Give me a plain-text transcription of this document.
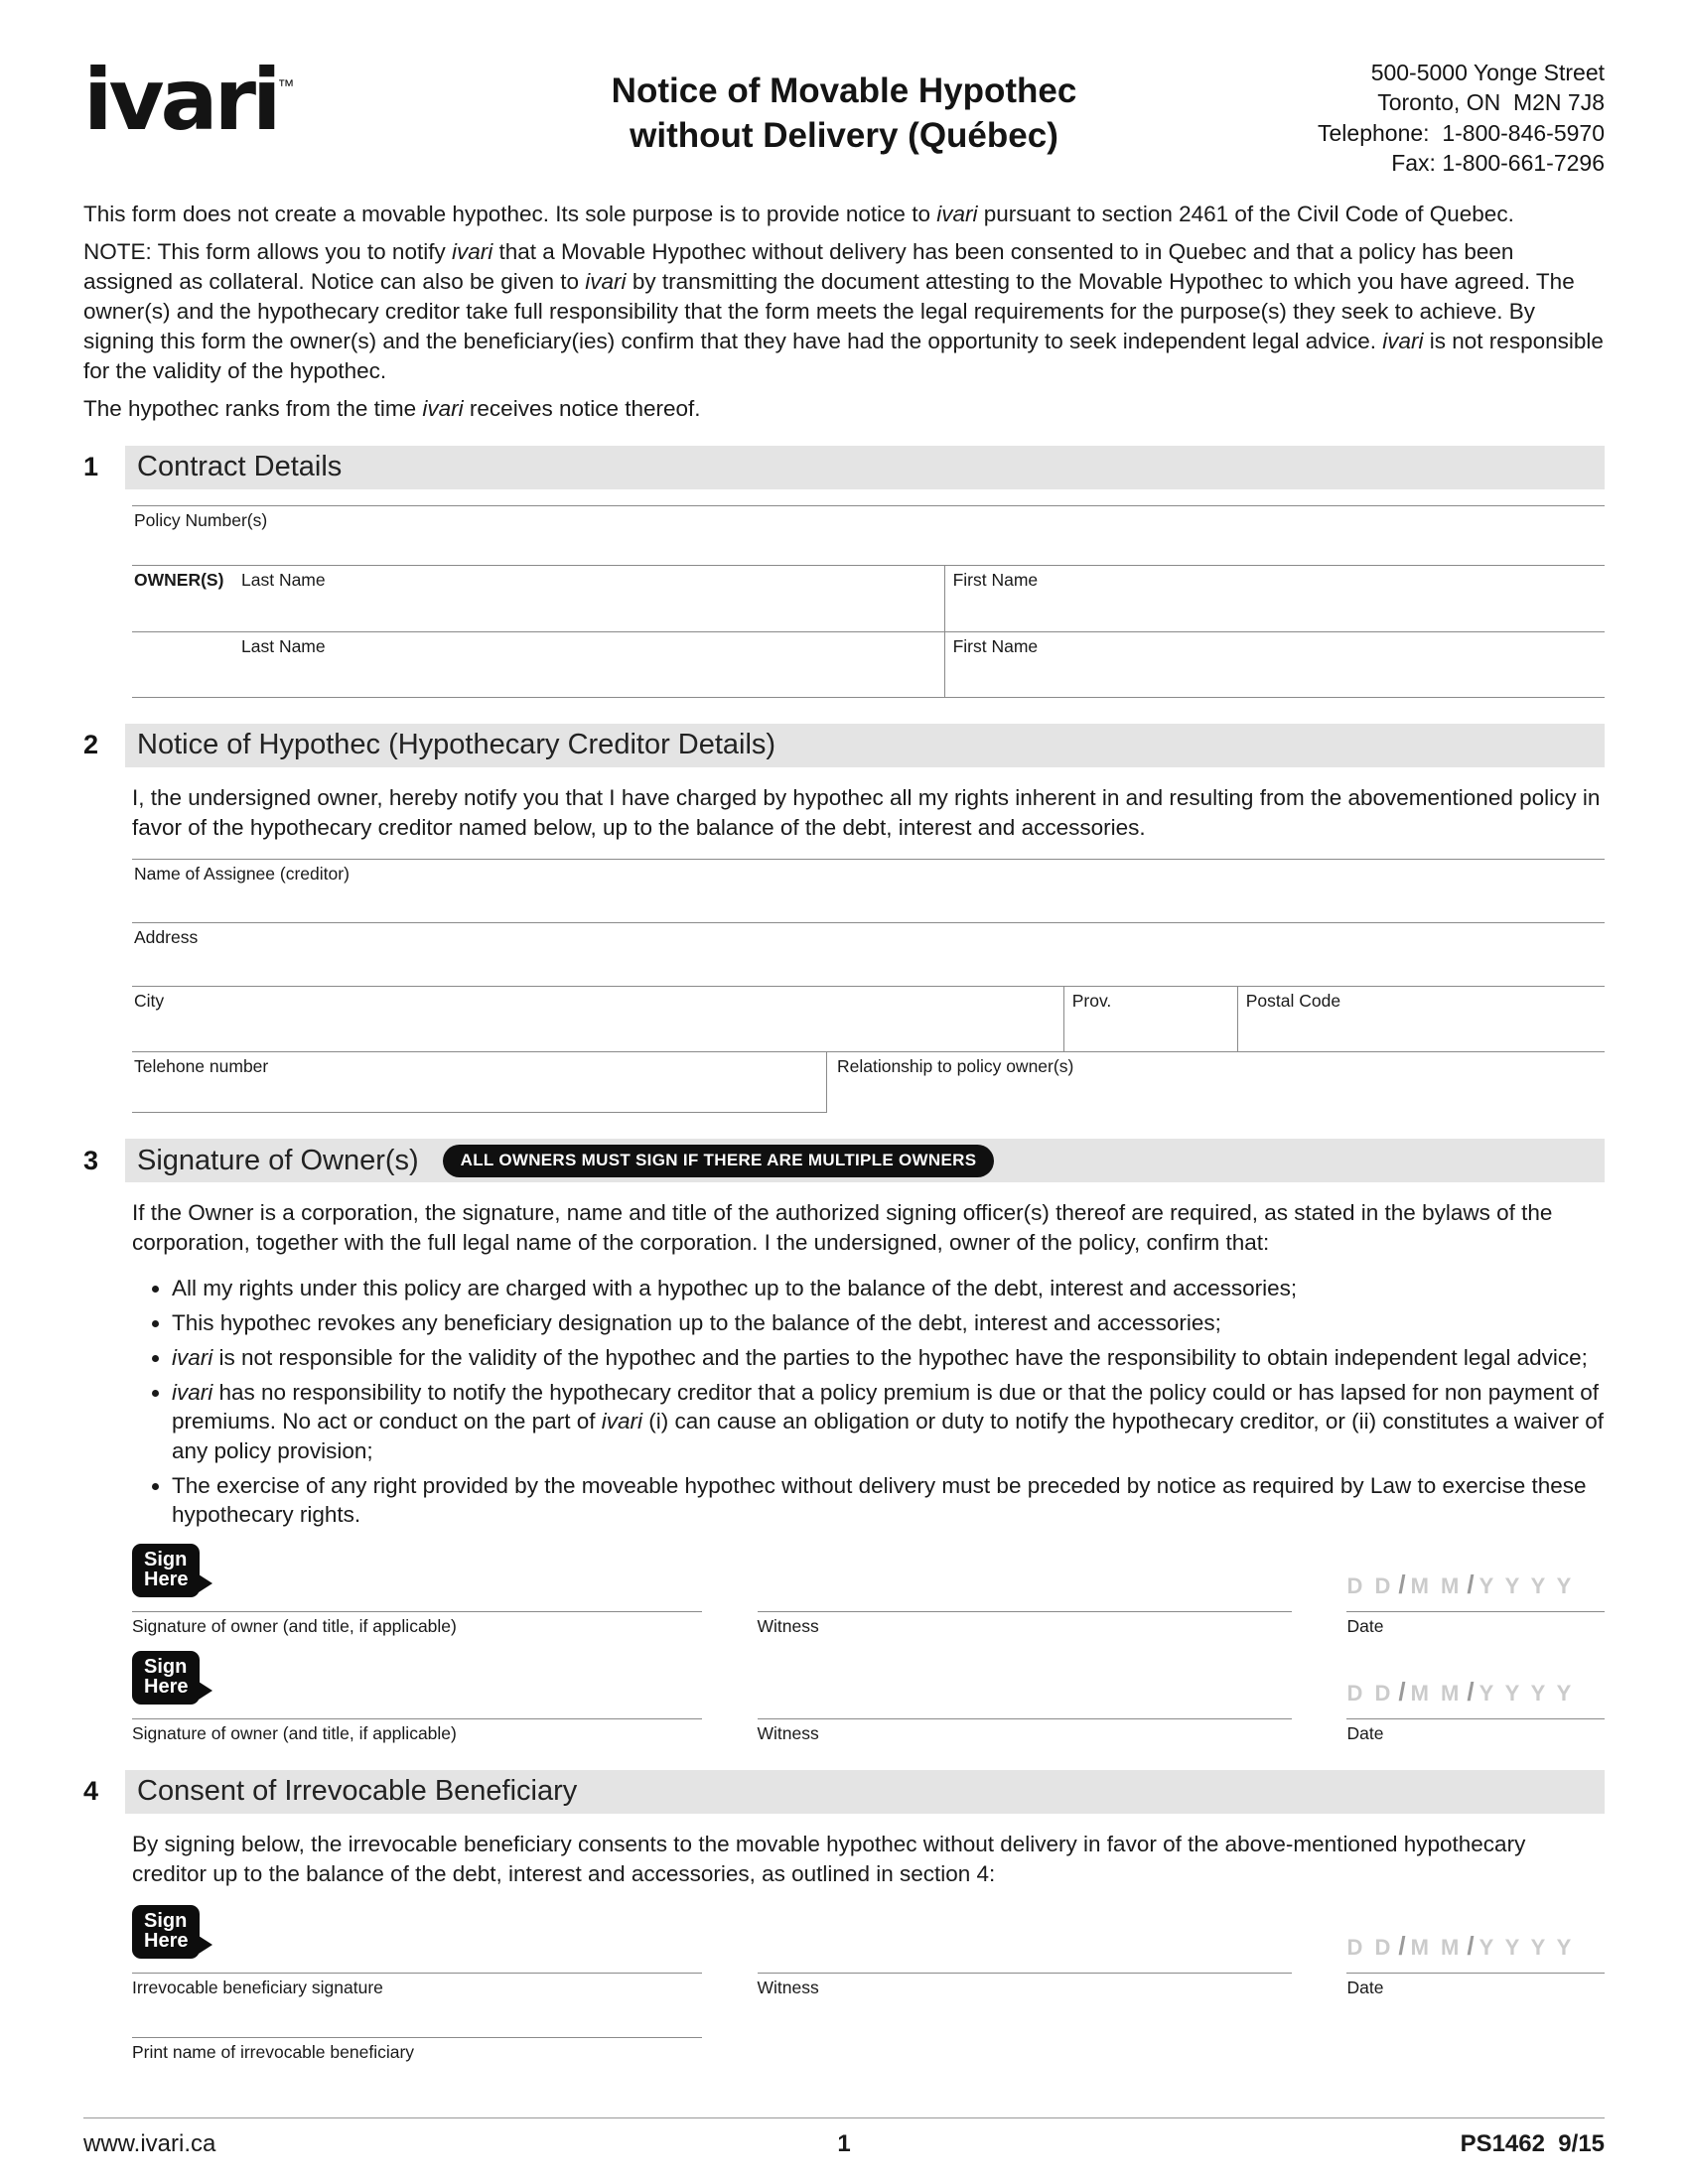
ivari™	Notice of Movable Hypothec
without Delivery (Québec)
500-5000 Yonge Street
Toronto, ON  M2N 7J8
Telephone:  1-800-846-5970
Fax: 1-800-661-7296

This form does not create a movable hypothec. Its sole purpose is to provide notice to ivari pursuant to section 2461 of the Civil Code of Quebec.

NOTE: This form allows you to notify ivari that a Movable Hypothec without delivery has been consented to in Quebec and that a policy has been assigned as collateral. Notice can also be given to ivari by transmitting the document attesting to the Movable Hypothec to which you have agreed. The owner(s) and the hypothecary creditor take full responsibility that the form meets the legal requirements for the purpose(s) they seek to achieve. By signing this form the owner(s) and the beneficiary(ies) confirm that they have had the opportunity to seek independent legal advice. ivari is not responsible for the validity of the hypothec.

The hypothec ranks from the time ivari receives notice thereof.

1	Contract Details
Policy Number(s)
OWNER(S)	Last Name	First Name
Last Name	First Name
2	Notice of Hypothec (Hypothecary Creditor Details)

I, the undersigned owner, hereby notify you that I have charged by hypothec all my rights inherent in and resulting from the abovementioned policy in favor of the hypothecary creditor named below, up to the balance of the debt, interest and accessories.

Name of Assignee (creditor)
Address
City	Prov.	Postal Code
Telehone number	Relationship to policy owner(s)
3	Signature of Owner(s)	ALL OWNERS MUST SIGN IF THERE ARE MULTIPLE OWNERS

If the Owner is a corporation, the signature, name and title of the authorized signing officer(s) thereof are required, as stated in the bylaws of the corporation, together with the full legal name of the corporation. I the undersigned, owner of the policy, confirm that:

• All my rights under this policy are charged with a hypothec up to the balance of the debt, interest and accessories;
• This hypothec revokes any beneficiary designation up to the balance of the debt, interest and accessories;
• ivari is not responsible for the validity of the hypothec and the parties to the hypothec have the responsibility to obtain independent legal advice;
• ivari has no responsibility to notify the hypothecary creditor that a policy premium is due or that the policy could or has lapsed for non payment of premiums. No act or conduct on the part of ivari (i) can cause an obligation or duty to notify the hypothecary creditor, or (ii) constitutes a waiver of any policy provision;
• The exercise of any right provided by the moveable hypothec without delivery must be preceded by notice as required by Law to exercise these hypothecary rights.
Sign
Here
Signature of owner (and title, if applicable)	Witness
D D / M M / Y Y Y Y
Date
Sign
Here
Signature of owner (and title, if applicable)	Witness
D D / M M / Y Y Y Y
Date
4	Consent of Irrevocable Beneficiary

By signing below, the irrevocable beneficiary consents to the movable hypothec without delivery in favor of the above-mentioned hypothecary creditor up to the balance of the debt, interest and accessories, as outlined in section 4:

Sign
Here
Irrevocable beneficiary signature	Witness
D D / M M / Y Y Y Y
Date
Print name of irrevocable beneficiary
www.ivari.ca	1	PS1462  9/15
